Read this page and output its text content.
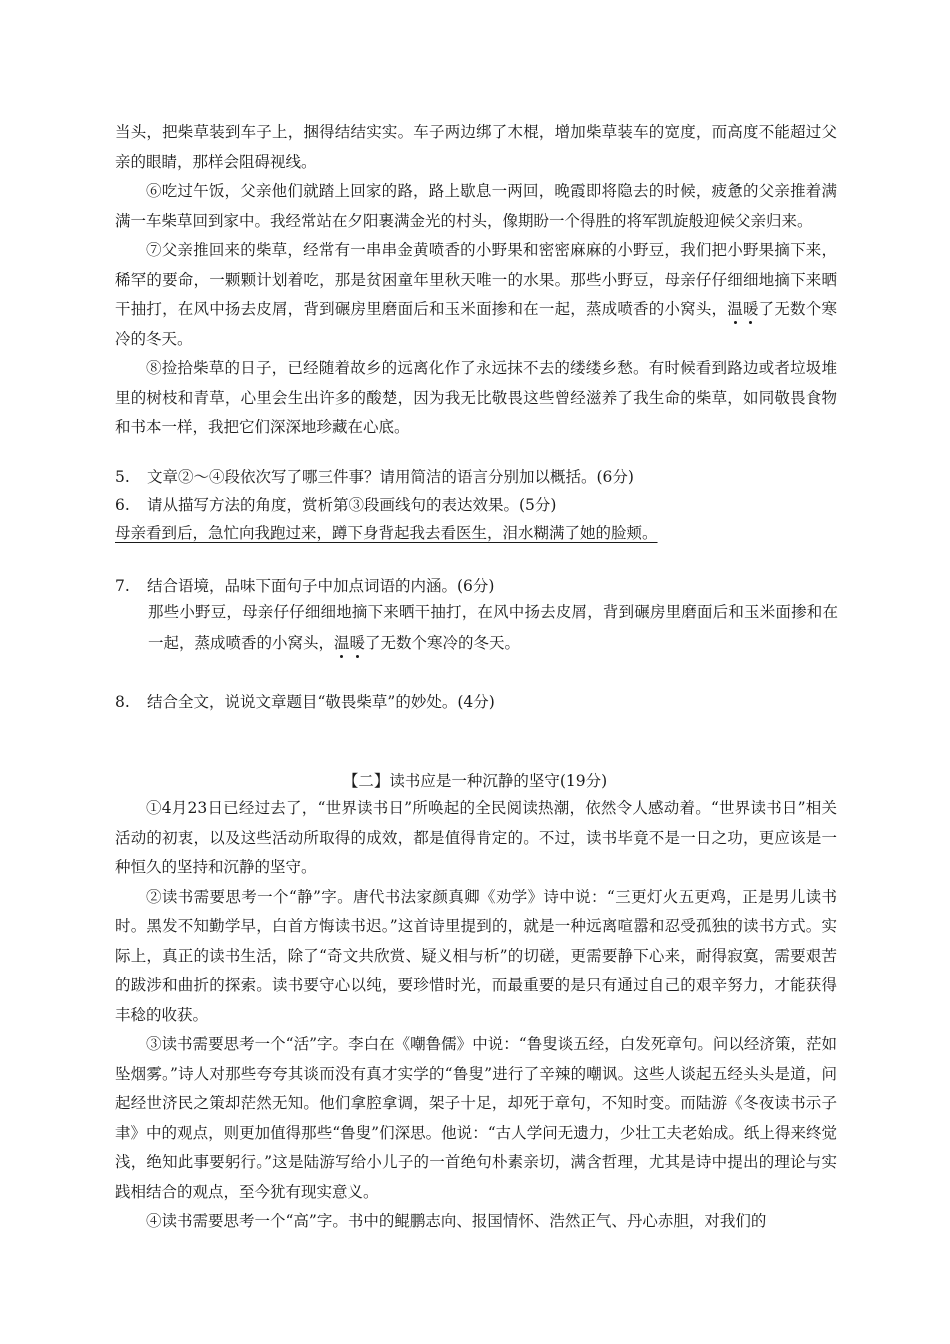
当头，把柴草装到车子上，捆得结结实实。车子两边绑了木棍，增加柴草装车的宽度，而高度不能超过父亲的眼睛，那样会阻碍视线。

⑥吃过午饭，父亲他们就踏上回家的路，路上歇息一两回，晚霞即将隐去的时候，疲惫的父亲推着满满一车柴草回到家中。我经常站在夕阳裹满金光的村头，像期盼一个得胜的将军凯旋般迎候父亲归来。

⑦父亲推回来的柴草，经常有一串串金黄喷香的小野果和密密麻麻的小野豆，我们把小野果摘下来，稀罕的要命，一颗颗计划着吃，那是贫困童年里秋天唯一的水果。那些小野豆，母亲仔仔细细地摘下来晒干抽打，在风中扬去皮屑，背到碾房里磨面后和玉米面掺和在一起，蒸成喷香的小窝头，温暖了无数个寒冷的冬天。

⑧捡拾柴草的日子，已经随着故乡的远离化作了永远抹不去的缕缕乡愁。有时候看到路边或者垃圾堆里的树枝和青草，心里会生出许多的酸楚，因为我无比敬畏这些曾经滋养了我生命的柴草，如同敬畏食物和书本一样，我把它们深深地珍藏在心底。

5. 文章②～④段依次写了哪三件事？请用简洁的语言分别加以概括。(6分)
6. 请从描写方法的角度，赏析第③段画线句的表达效果。(5分)
母亲看到后，急忙向我跑过来，蹲下身背起我去看医生，泪水糊满了她的脸颊。
7. 结合语境，品味下面句子中加点词语的内涵。(6分)

那些小野豆，母亲仔仔细细地摘下来晒干抽打，在风中扬去皮屑，背到碾房里磨面后和玉米面掺和在一起，蒸成喷香的小窝头，温暖了无数个寒冷的冬天。

8. 结合全文，说说文章题目“敬畏柴草”的妙处。(4分)
【二】读书应是一种沉静的坚守(19分)

①4月23日已经过去了，“世界读书日”所唤起的全民阅读热潮，依然令人感动着。“世界读书日”相关活动的初衷，以及这些活动所取得的成效，都是值得肯定的。不过，读书毕竟不是一日之功，更应该是一种恒久的坚持和沉静的坚守。

②读书需要思考一个“静”字。唐代书法家颜真卿《劝学》诗中说：“三更灯火五更鸡，正是男儿读书时。黑发不知勤学早，白首方悔读书迟。”这首诗里提到的，就是一种远离喧嚣和忍受孤独的读书方式。实际上，真正的读书生活，除了“奇文共欣赏、疑义相与析”的切磋，更需要静下心来，耐得寂寞，需要艰苦的跋涉和曲折的探索。读书要守心以纯，要珍惜时光，而最重要的是只有通过自己的艰辛努力，才能获得丰稔的收获。

③读书需要思考一个“活”字。李白在《嘲鲁儒》中说：“鲁叟谈五经，白发死章句。问以经济策，茫如坠烟雾。”诗人对那些夸夸其谈而没有真才实学的“鲁叟”进行了辛辣的嘲讽。这些人谈起五经头头是道，问起经世济民之策却茫然无知。他们拿腔拿调，架子十足，却死于章句，不知时变。而陆游《冬夜读书示子聿》中的观点，则更加值得那些“鲁叟”们深思。他说：“古人学问无遗力，少壮工夫老始成。纸上得来终觉浅，绝知此事要躬行。”这是陆游写给小儿子的一首绝句朴素亲切，满含哲理，尤其是诗中提出的理论与实践相结合的观点，至今犹有现实意义。

④读书需要思考一个“高”字。书中的鲲鹏志向、报国情怀、浩然正气、丹心赤胆，对我们的
